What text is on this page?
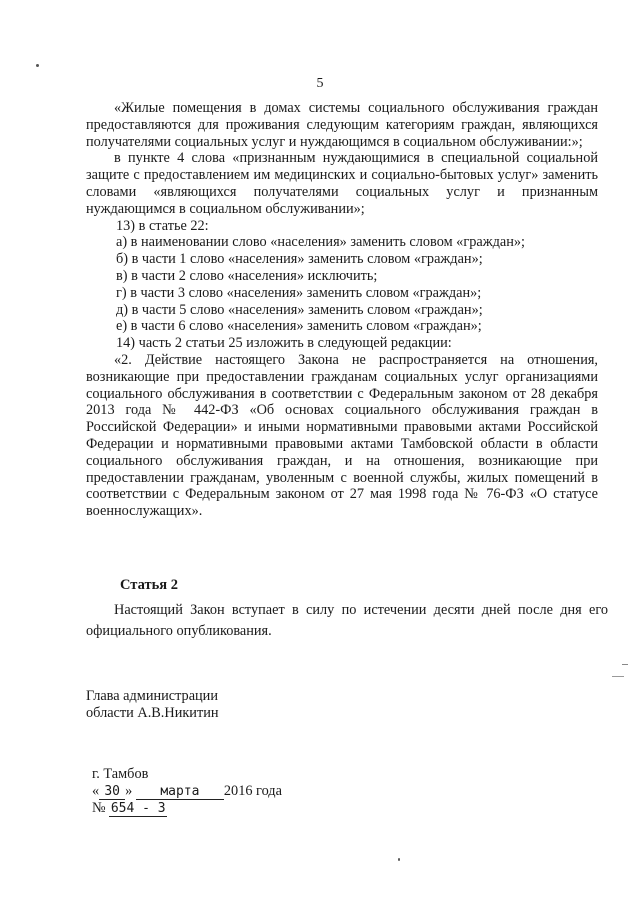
5

«Жилые помещения в домах системы социального обслуживания граждан предоставляются для проживания следующим категориям граждан, являющихся получателями социальных услуг и нуждающимся в социальном обслуживании:»;

в пункте 4 слова «признанным нуждающимися в специальной социальной защите с предоставлением им медицинских и социально-бытовых услуг» заменить словами «являющихся получателями социальных услуг и признанным нуждающимся в социальном обслуживании»;

13) в статье 22:

а) в наименовании слово «населения» заменить словом «граждан»;

б) в части 1 слово «населения» заменить словом «граждан»;

в) в части 2 слово «населения» исключить;

г) в части 3 слово «населения» заменить словом «граждан»;

д) в части 5 слово «населения» заменить словом «граждан»;

е) в части 6 слово «населения» заменить словом «граждан»;

14) часть 2 статьи 25 изложить в следующей редакции:

«2. Действие настоящего Закона не распространяется на отношения, возникающие при предоставлении гражданам социальных услуг организациями социального обслуживания в соответствии с Федеральным законом от 28 декабря 2013 года № 442-ФЗ «Об основах социального обслуживания граждан в Российской Федерации» и иными нормативными правовыми актами Российской Федерации и нормативными правовыми актами Тамбовской области в области социального обслуживания граждан, и на отношения, возникающие при предоставлении гражданам, уволенным с военной службы, жилых помещений в соответствии с Федеральным законом от 27 мая 1998 года № 76-ФЗ «О статусе военнослужащих».

Статья 2

Настоящий Закон вступает в силу по истечении десяти дней после дня его официального опубликования.

Глава администрации
области А.В.Никитин
г. Тамбов
« 30 » марта 2016 года
№ 654 - 3
